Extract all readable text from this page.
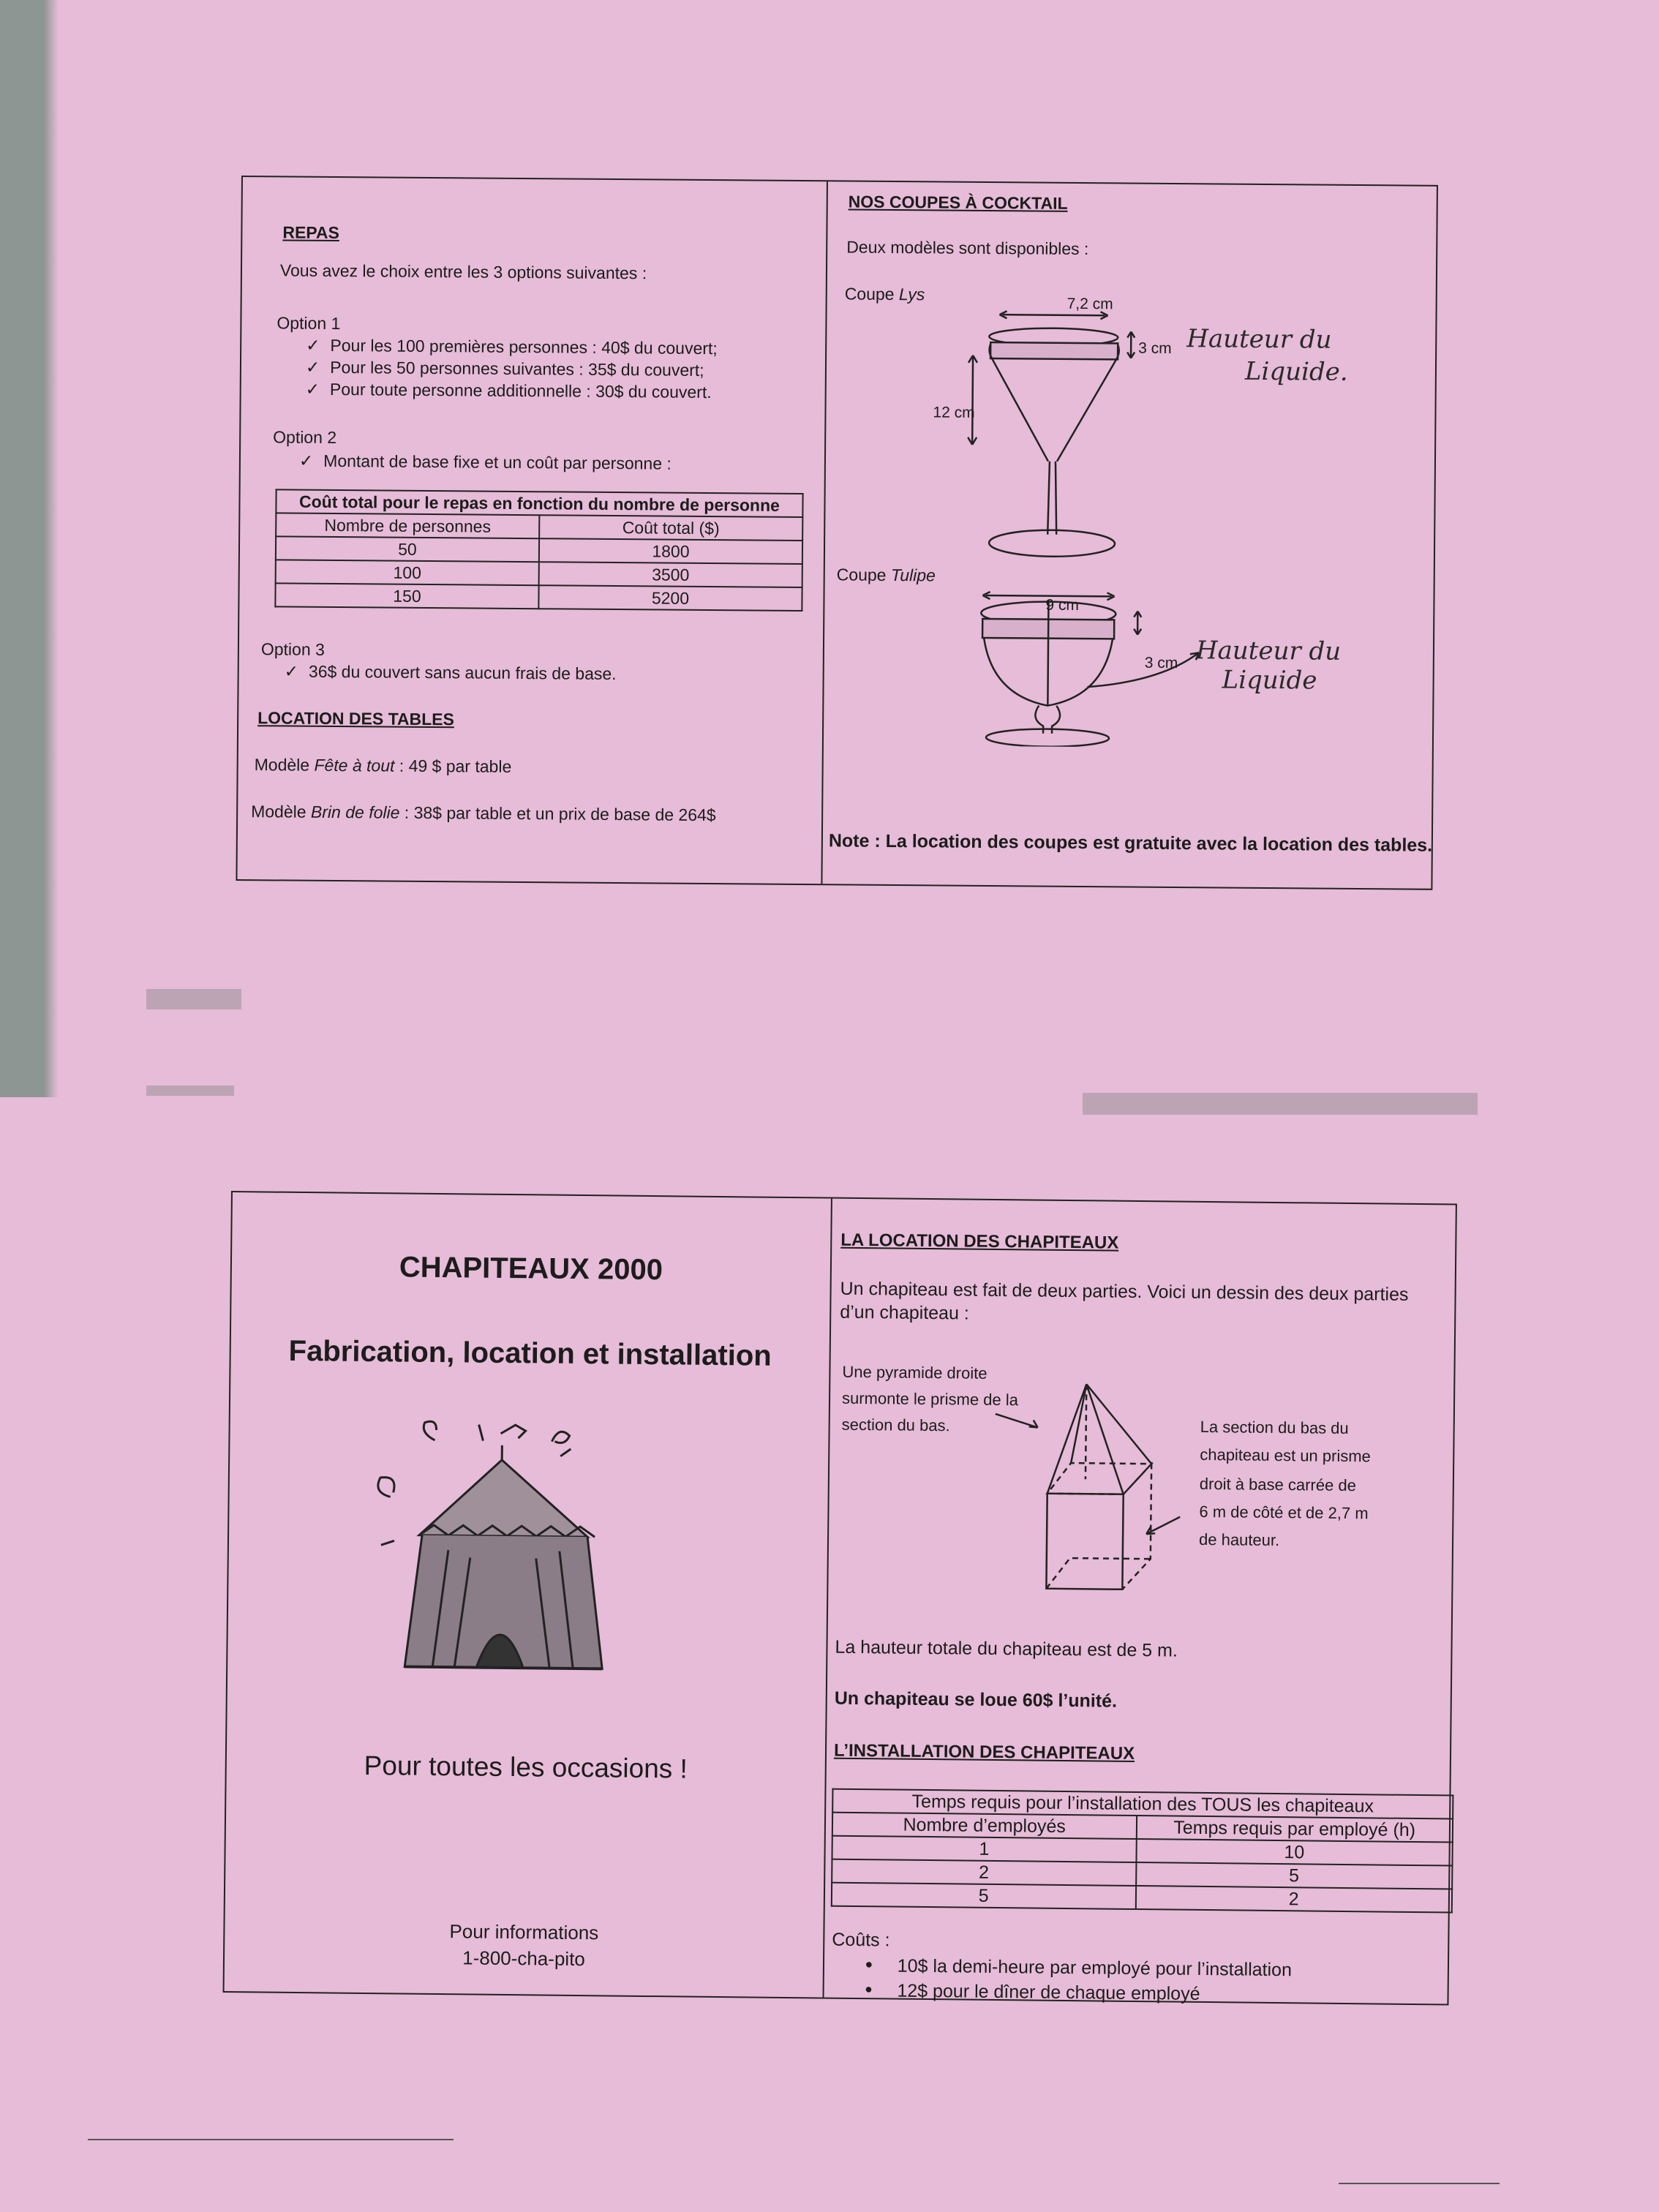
REPAS
Vous avez le choix entre les 3 options suivantes :
Option 1
✓ Pour les 100 premières personnes : 40$ du couvert;
✓ Pour les 50 personnes suivantes : 35$ du couvert;
✓ Pour toute personne additionnelle : 30$ du couvert.
Option 2
✓ Montant de base fixe et un coût par personne :
Coût total pour le repas en fonction du nombre de personne	
Nombre de personnes	Coût total ($)
50	1800
100	3500
150	5200
Option 3
✓ 36$ du couvert sans aucun frais de base.
LOCATION DES TABLES
Modèle Fête à tout : 49 $ par table
Modèle Brin de folie : 38$ par table et un prix de base de 264$
NOS COUPES À COCKTAIL
Deux modèles sont disponibles :
Coupe Lys
7,2 cm
3 cm
12 cm
Hauteur du
Liquide.
Coupe Tulipe
9 cm
3 cm Hauteur du
Liquide
Note : La location des coupes est gratuite avec la location des tables.
CHAPITEAUX 2000
Fabrication, location et installation
Pour toutes les occasions !
Pour informations
1-800-cha-pito
LA LOCATION DES CHAPITEAUX
Un chapiteau est fait de deux parties. Voici un dessin des deux parties
d’un chapiteau :
Une pyramide droite
surmonte le prisme de la
section du bas.	La section du bas du
chapiteau est un prisme
droit à base carrée de
6 m de côté et de 2,7 m
de hauteur.
La hauteur totale du chapiteau est de 5 m.
Un chapiteau se loue 60$ l’unité.
L’INSTALLATION DES CHAPITEAUX
Temps requis pour l’installation des TOUS les chapiteaux	
Nombre d’employés	Temps requis par employé (h)
1	10
2	5
5	2
Coûts :
• 10$ la demi-heure par employé pour l’installation
• 12$ pour le dîner de chaque employé
